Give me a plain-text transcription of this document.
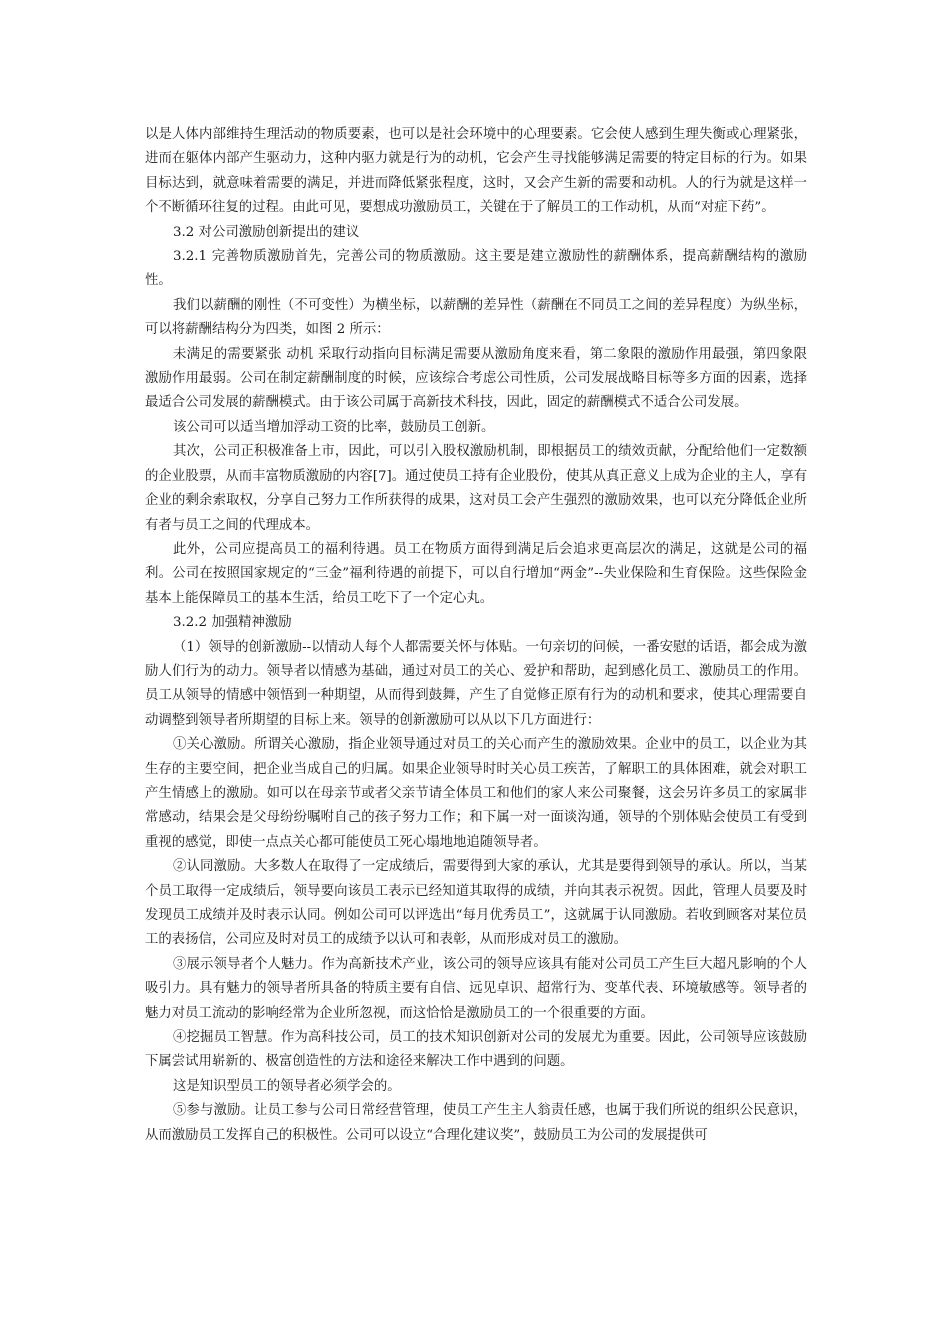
以是人体内部维持生理活动的物质要素，也可以是社会环境中的心理要素。它会使人感到生理失衡或心理紧张，进而在躯体内部产生驱动力，这种内驱力就是行为的动机，它会产生寻找能够满足需要的特定目标的行为。如果目标达到，就意味着需要的满足，并进而降低紧张程度，这时，又会产生新的需要和动机。人的行为就是这样一个不断循环往复的过程。由此可见，要想成功激励员工，关键在于了解员工的工作动机，从而“对症下药”。

3.2 对公司激励创新提出的建议

3.2.1 完善物质激励首先，完善公司的物质激励。这主要是建立激励性的薪酬体系，提高薪酬结构的激励性。

我们以薪酬的刚性（不可变性）为横坐标，以薪酬的差异性（薪酬在不同员工之间的差异程度）为纵坐标，可以将薪酬结构分为四类，如图 2 所示：

未满足的需要紧张 动机 采取行动指向目标满足需要从激励角度来看，第二象限的激励作用最强，第四象限激励作用最弱。公司在制定薪酬制度的时候，应该综合考虑公司性质，公司发展战略目标等多方面的因素，选择最适合公司发展的薪酬模式。由于该公司属于高新技术科技，因此，固定的薪酬模式不适合公司发展。

该公司可以适当增加浮动工资的比率，鼓励员工创新。

其次，公司正积极准备上市，因此，可以引入股权激励机制，即根据员工的绩效贡献，分配给他们一定数额的企业股票，从而丰富物质激励的内容[7]。通过使员工持有企业股份，使其从真正意义上成为企业的主人，享有企业的剩余索取权，分享自己努力工作所获得的成果，这对员工会产生强烈的激励效果，也可以充分降低企业所有者与员工之间的代理成本。

此外，公司应提高员工的福利待遇。员工在物质方面得到满足后会追求更高层次的满足，这就是公司的福利。公司在按照国家规定的“三金”福利待遇的前提下，可以自行增加“两金”--失业保险和生育保险。这些保险金基本上能保障员工的基本生活，给员工吃下了一个定心丸。

3.2.2 加强精神激励

（1）领导的创新激励--以情动人每个人都需要关怀与体贴。一句亲切的问候，一番安慰的话语，都会成为激励人们行为的动力。领导者以情感为基础，通过对员工的关心、爱护和帮助，起到感化员工、激励员工的作用。员工从领导的情感中领悟到一种期望，从而得到鼓舞，产生了自觉修正原有行为的动机和要求，使其心理需要自动调整到领导者所期望的目标上来。领导的创新激励可以从以下几方面进行：

①关心激励。所谓关心激励，指企业领导通过对员工的关心而产生的激励效果。企业中的员工，以企业为其生存的主要空间，把企业当成自己的归属。如果企业领导时时关心员工疾苦，了解职工的具体困难，就会对职工产生情感上的激励。如可以在母亲节或者父亲节请全体员工和他们的家人来公司聚餐，这会另许多员工的家属非常感动，结果会是父母纷纷嘱咐自己的孩子努力工作；和下属一对一面谈沟通，领导的个别体贴会使员工有受到重视的感觉，即使一点点关心都可能使员工死心塌地地追随领导者。

②认同激励。大多数人在取得了一定成绩后，需要得到大家的承认，尤其是要得到领导的承认。所以，当某个员工取得一定成绩后，领导要向该员工表示已经知道其取得的成绩，并向其表示祝贺。因此，管理人员要及时发现员工成绩并及时表示认同。例如公司可以评选出“每月优秀员工”，这就属于认同激励。若收到顾客对某位员工的表扬信，公司应及时对员工的成绩予以认可和表彰，从而形成对员工的激励。

③展示领导者个人魅力。作为高新技术产业，该公司的领导应该具有能对公司员工产生巨大超凡影响的个人吸引力。具有魅力的领导者所具备的特质主要有自信、远见卓识、超常行为、变革代表、环境敏感等。领导者的魅力对员工流动的影响经常为企业所忽视，而这恰恰是激励员工的一个很重要的方面。

④挖掘员工智慧。作为高科技公司，员工的技术知识创新对公司的发展尤为重要。因此，公司领导应该鼓励下属尝试用崭新的、极富创造性的方法和途径来解决工作中遇到的问题。

这是知识型员工的领导者必须学会的。

⑤参与激励。让员工参与公司日常经营管理，使员工产生主人翁责任感，也属于我们所说的组织公民意识，从而激励员工发挥自己的积极性。公司可以设立“合理化建议奖”，鼓励员工为公司的发展提供可
